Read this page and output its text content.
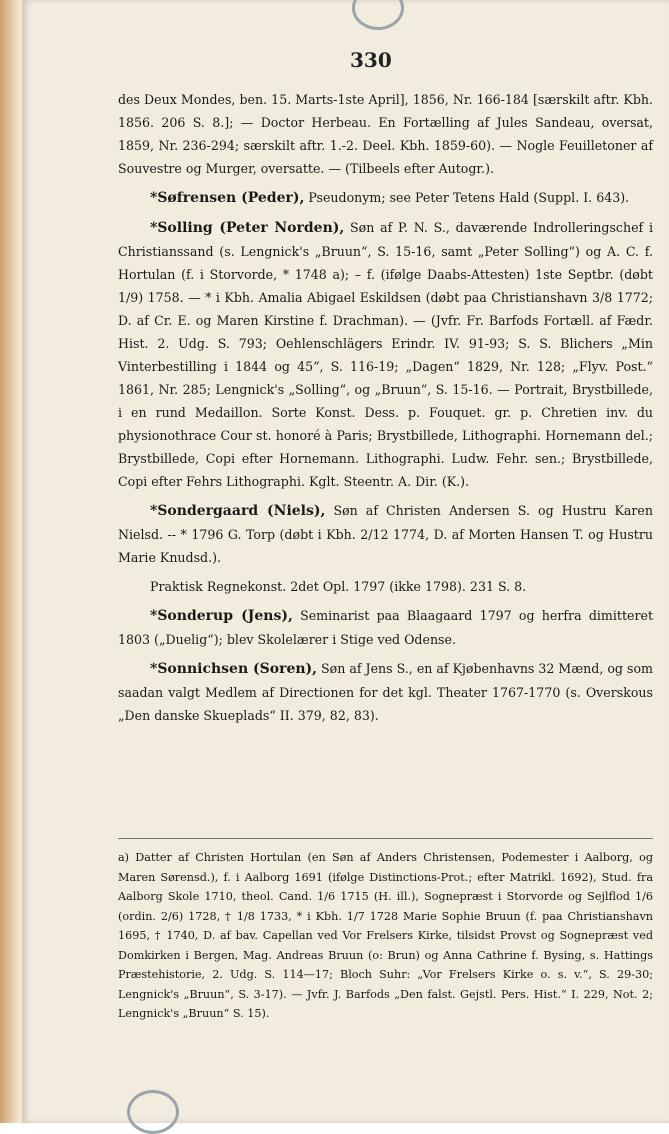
330

des Deux Mondes, ben. 15. Marts-1ste April], 1856, Nr. 166-184 [særskilt aftr. Kbh. 1856. 206 S. 8.]; — Doctor Herbeau. En Fortælling af Jules Sandeau, oversat, 1859, Nr. 236-294; særskilt aftr. 1.-2. Deel. Kbh. 1859-60). — Nogle Feuilletoner af Souvestre og Murger, oversatte. — (Tilbeels efter Autogr.).

*Søfrensen (Peder), Pseudonym; see Peter Tetens Hald (Suppl. I. 643).

*Solling (Peter Norden), Søn af P. N. S., daværende Indrolleringschef i Christianssand (s. Lengnick's „Bruun“, S. 15-16, samt „Peter Solling“) og A. C. f. Hortulan (f. i Storvorde, * 1748 a); – f. (ifølge Daabs-Attesten) 1ste Septbr. (døbt 1/9) 1758. — * i Kbh. Amalia Abigael Eskildsen (døbt paa Christianshavn 3/8 1772; D. af Cr. E. og Maren Kirstine f. Drachman). — (Jvfr. Fr. Barfods Fortæll. af Fædr. Hist. 2. Udg. S. 793; Oehlenschlägers Erindr. IV. 91-93; S. S. Blichers „Min Vinterbestilling i 1844 og 45“, S. 116-19; „Dagen“ 1829, Nr. 128; „Flyv. Post.“ 1861, Nr. 285; Lengnick's „Solling“, og „Bruun“, S. 15-16. — Portrait, Brystbillede, i en rund Medaillon. Sorte Konst. Dess. p. Fouquet. gr. p. Chretien inv. du physionothrace Cour st. honoré à Paris; Brystbillede, Lithographi. Hornemann del.; Brystbillede, Copi efter Hornemann. Lithographi. Ludw. Fehr. sen.; Brystbillede, Copi efter Fehrs Lithographi. Kglt. Steentr. A. Dir. (K.).

*Sondergaard (Niels), Søn af Christen Andersen S. og Hustru Karen Nielsd. -- * 1796 G. Torp (døbt i Kbh. 2/12 1774, D. af Morten Hansen T. og Hustru Marie Knudsd.).

Praktisk Regnekonst. 2det Opl. 1797 (ikke 1798). 231 S. 8.

*Sonderup (Jens), Seminarist paa Blaagaard 1797 og herfra dimitteret 1803 („Duelig“); blev Skolelærer i Stige ved Odense.

*Sonnichsen (Soren), Søn af Jens S., en af Kjøbenhavns 32 Mænd, og som saadan valgt Medlem af Directionen for det kgl. Theater 1767-1770 (s. Overskous „Den danske Skueplads“ II. 379, 82, 83).

a) Datter af Christen Hortulan (en Søn af Anders Christensen, Podemester i Aalborg, og Maren Sørensd.), f. i Aalborg 1691 (ifølge Distinctions-Prot.; efter Matrikl. 1692), Stud. fra Aalborg Skole 1710, theol. Cand. 1/6 1715 (H. ill.), Sognepræst i Storvorde og Sejlflod 1/6 (ordin. 2/6) 1728, † 1/8 1733, * i Kbh. 1/7 1728 Marie Sophie Bruun (f. paa Christianshavn 1695, † 1740, D. af bav. Capellan ved Vor Frelsers Kirke, tilsidst Provst og Sognepræst ved Domkirken i Bergen, Mag. Andreas Bruun (o: Brun) og Anna Cathrine f. Bysing, s. Hattings Præstehistorie, 2. Udg. S. 114—17; Bloch Suhr: „Vor Frelsers Kirke o. s. v.“, S. 29-30; Lengnick's „Bruun“, S. 3-17). — Jvfr. J. Barfods „Den falst. Gejstl. Pers. Hist.“ I. 229, Not. 2; Lengnick's „Bruun“ S. 15).
